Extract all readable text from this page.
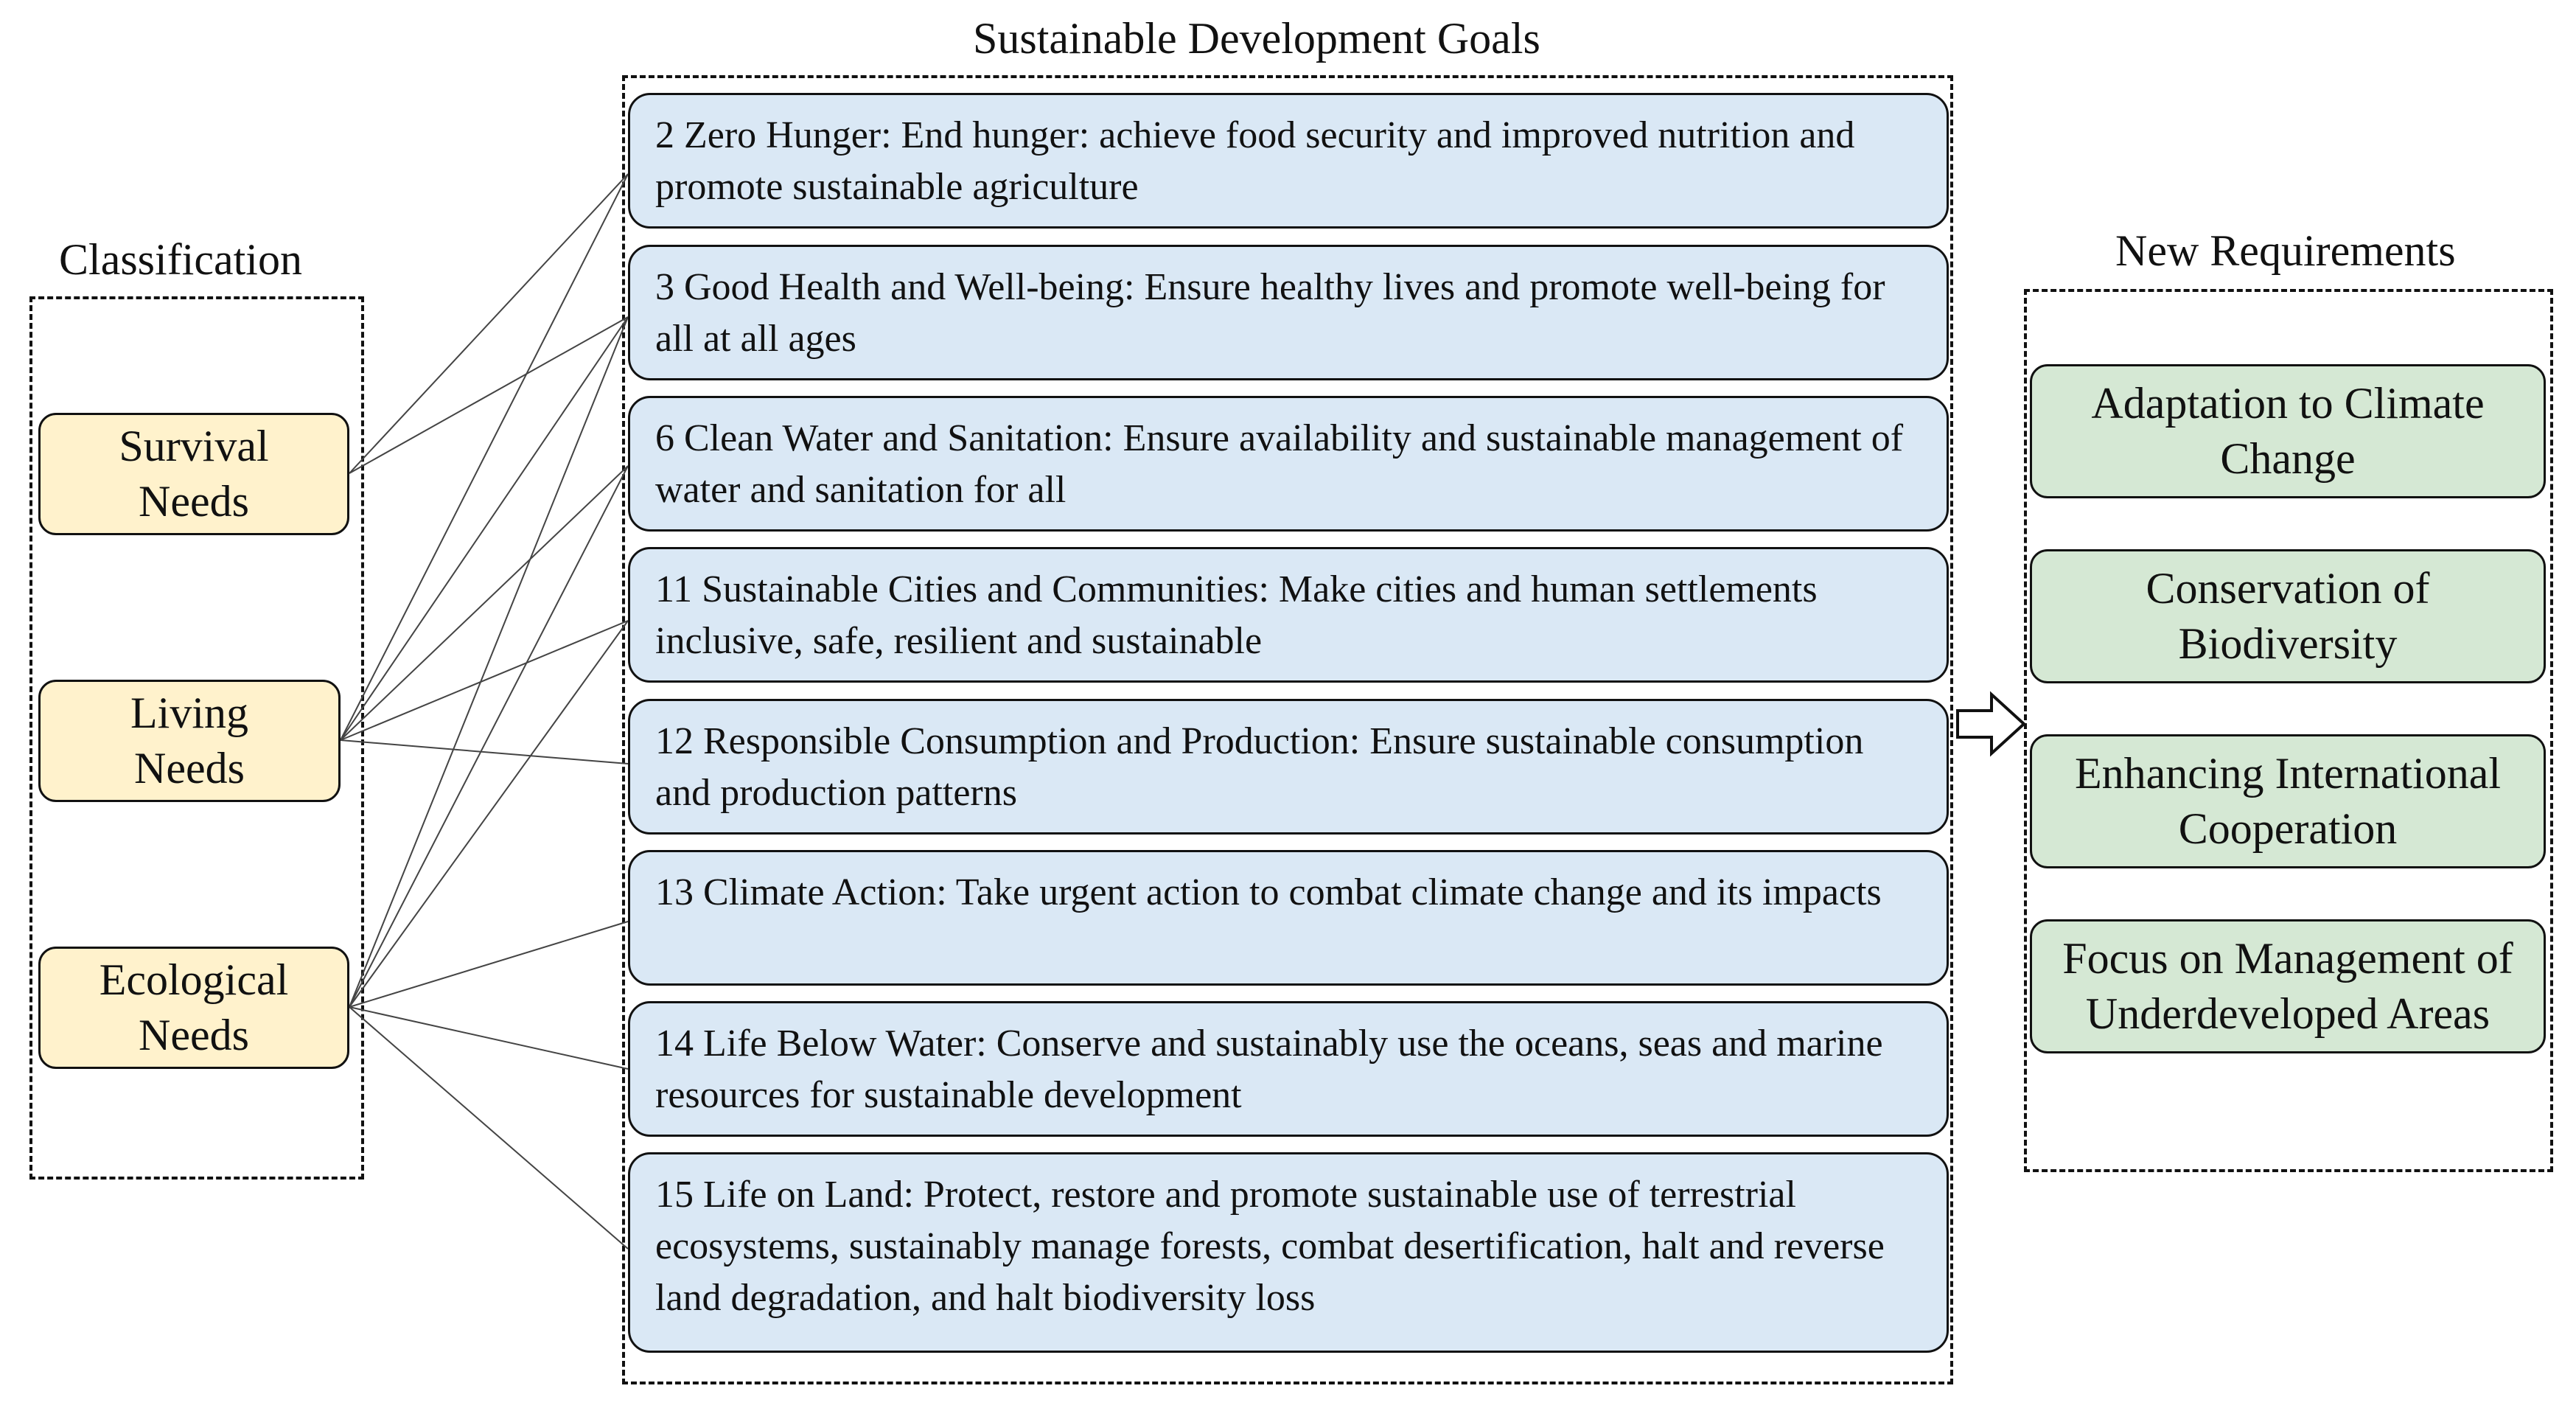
Classification
Sustainable Development Goals
New Requirements
Survival
Needs
Living
Needs
Ecological
Needs
2 Zero Hunger: End hunger: achieve food security and improved nutrition and promote sustainable agriculture
3 Good Health and Well-being: Ensure healthy lives and promote well-being for all at all ages
6 Clean Water and Sanitation: Ensure availability and sustainable management of water and sanitation for all
11 Sustainable Cities and Communities: Make cities and human settlements inclusive, safe, resilient and sustainable
12 Responsible Consumption and Production: Ensure sustainable consumption and production patterns
13 Climate Action: Take urgent action to combat climate change and its impacts
14 Life Below Water: Conserve and sustainably use the oceans, seas and marine resources for sustainable development
15 Life on Land: Protect, restore and promote sustainable use of terrestrial ecosystems, sustainably manage forests, combat desertification, halt and reverse land degradation, and halt biodiversity loss
Adaptation to Climate
Change
Conservation of
Biodiversity
Enhancing International
Cooperation
Focus on Management of
Underdeveloped Areas
